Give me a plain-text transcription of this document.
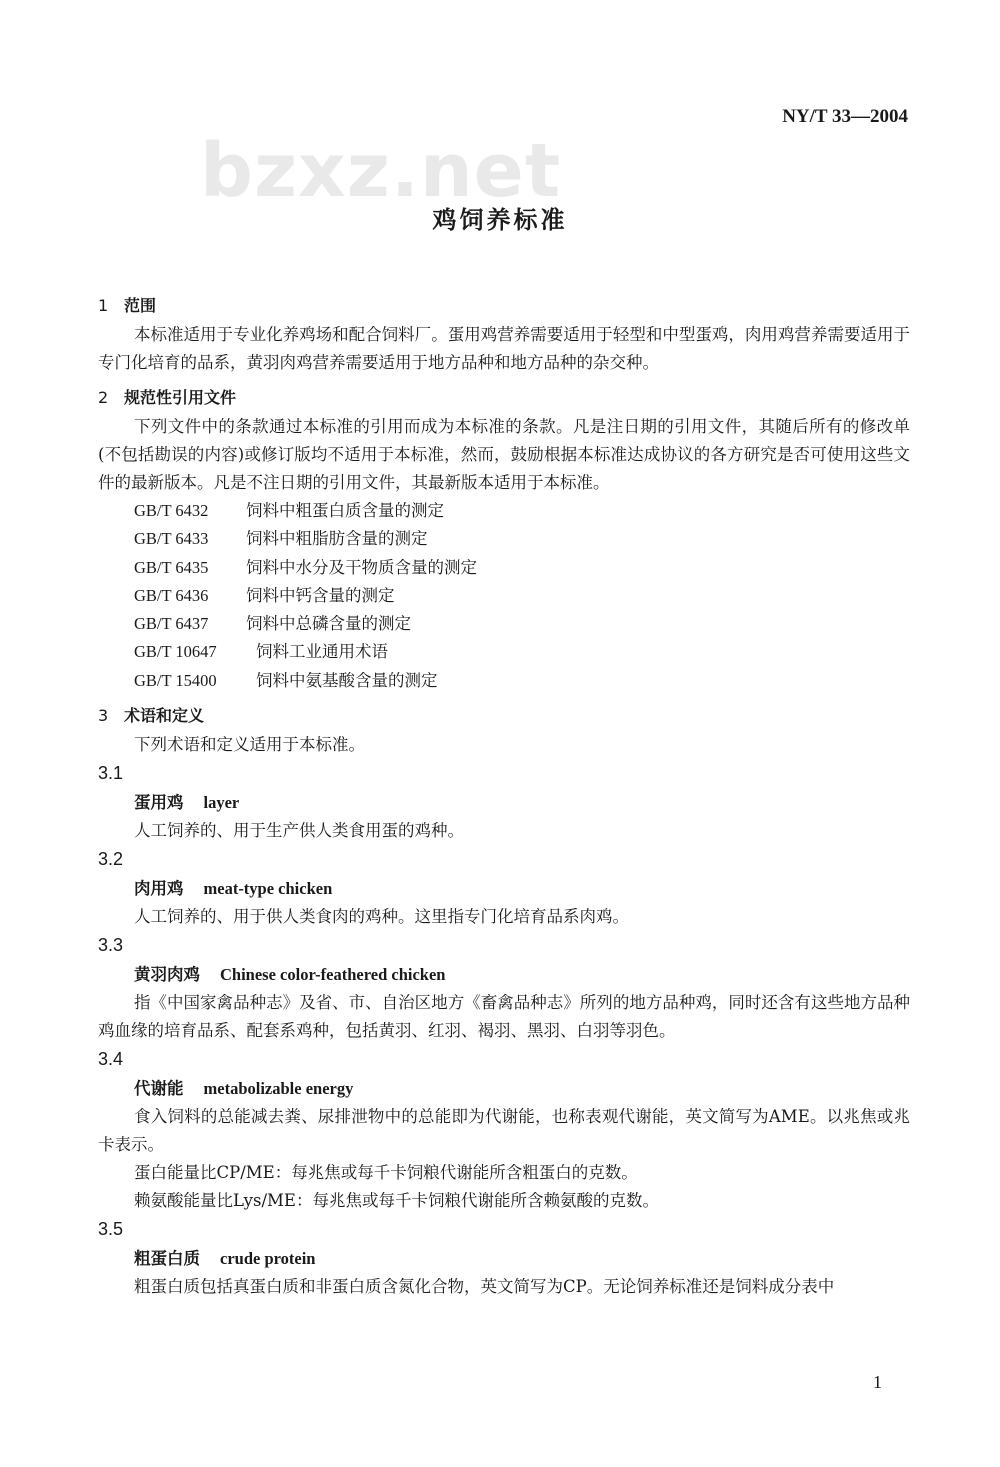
NY/T 33—2004
bzxz.net
鸡饲养标准
1 范围

本标准适用于专业化养鸡场和配合饲料厂。蛋用鸡营养需要适用于轻型和中型蛋鸡，肉用鸡营养需要适用于专门化培育的品系，黄羽肉鸡营养需要适用于地方品种和地方品种的杂交种。

2 规范性引用文件

下列文件中的条款通过本标准的引用而成为本标准的条款。凡是注日期的引用文件，其随后所有的修改单(不包括勘误的内容)或修订版均不适用于本标准，然而，鼓励根据本标准达成协议的各方研究是否可使用这些文件的最新版本。凡是不注日期的引用文件，其最新版本适用于本标准。

GB/T 6432 饲料中粗蛋白质含量的测定
GB/T 6433 饲料中粗脂肪含量的测定
GB/T 6435 饲料中水分及干物质含量的测定
GB/T 6436 饲料中钙含量的测定
GB/T 6437 饲料中总磷含量的测定
GB/T 10647 饲料工业通用术语
GB/T 15400 饲料中氨基酸含量的测定
3 术语和定义

下列术语和定义适用于本标准。

3.1
蛋用鸡 layer

人工饲养的、用于生产供人类食用蛋的鸡种。

3.2
肉用鸡 meat-type chicken

人工饲养的、用于供人类食肉的鸡种。这里指专门化培育品系肉鸡。

3.3
黄羽肉鸡 Chinese color-feathered chicken

指《中国家禽品种志》及省、市、自治区地方《畜禽品种志》所列的地方品种鸡，同时还含有这些地方品种鸡血缘的培育品系、配套系鸡种，包括黄羽、红羽、褐羽、黑羽、白羽等羽色。

3.4
代谢能 metabolizable energy

食入饲料的总能减去粪、尿排泄物中的总能即为代谢能，也称表观代谢能，英文简写为AME。以兆焦或兆卡表示。

蛋白能量比CP/ME：每兆焦或每千卡饲粮代谢能所含粗蛋白的克数。

赖氨酸能量比Lys/ME：每兆焦或每千卡饲粮代谢能所含赖氨酸的克数。

3.5
粗蛋白质 crude protein

粗蛋白质包括真蛋白质和非蛋白质含氮化合物，英文简写为CP。无论饲养标准还是饲料成分表中

1
